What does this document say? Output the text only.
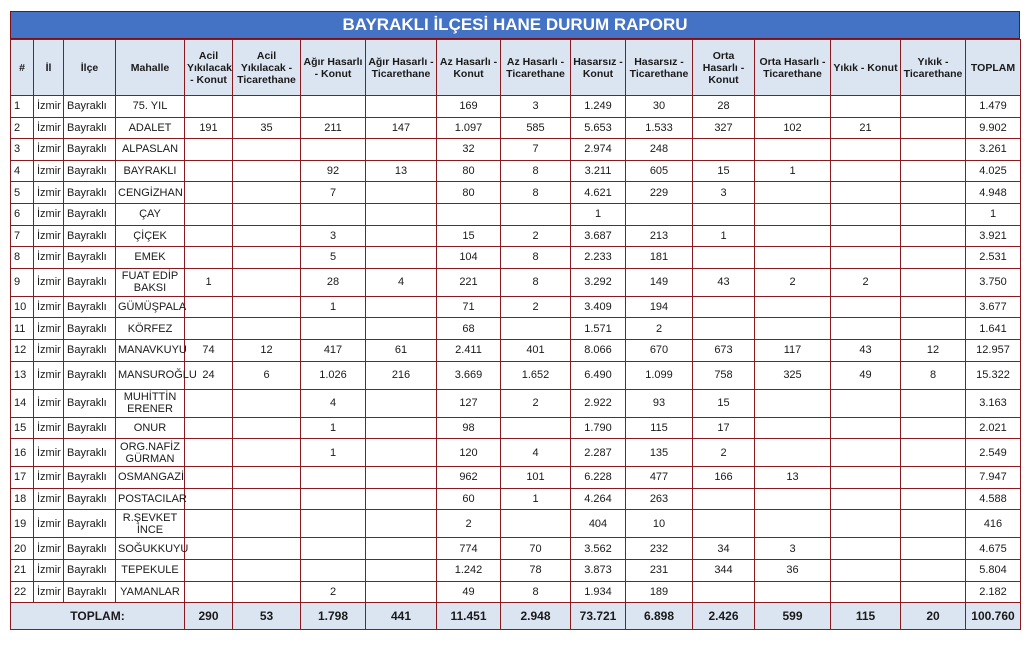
BAYRAKLI İLÇESİ HANE DURUM RAPORU
#	İl	İlçe	Mahalle	Acil Yıkılacak - Konut	Acil Yıkılacak - Ticarethane	Ağır Hasarlı - Konut	Ağır Hasarlı - Ticarethane	Az Hasarlı - Konut	Az Hasarlı - Ticarethane	Hasarsız - Konut	Hasarsız - Ticarethane	Orta Hasarlı - Konut	Orta Hasarlı - Ticarethane	Yıkık - Konut	Yıkık - Ticarethane	TOPLAM
1	İzmir	Bayraklı	75. YIL					169	3	1.249	30	28				1.479
2	İzmir	Bayraklı	ADALET	191	35	211	147	1.097	585	5.653	1.533	327	102	21		9.902
3	İzmir	Bayraklı	ALPASLAN					32	7	2.974	248					3.261
4	İzmir	Bayraklı	BAYRAKLI			92	13	80	8	3.211	605	15	1			4.025
5	İzmir	Bayraklı	CENGİZHAN			7		80	8	4.621	229	3				4.948
6	İzmir	Bayraklı	ÇAY							1						1
7	İzmir	Bayraklı	ÇİÇEK			3		15	2	3.687	213	1				3.921
8	İzmir	Bayraklı	EMEK			5		104	8	2.233	181					2.531
9	İzmir	Bayraklı	FUAT EDİP BAKSI	1		28	4	221	8	3.292	149	43	2	2		3.750
10	İzmir	Bayraklı	GÜMÜŞPALA			1		71	2	3.409	194					3.677
11	İzmir	Bayraklı	KÖRFEZ					68		1.571	2					1.641
12	İzmir	Bayraklı	MANAVKUYU	74	12	417	61	2.411	401	8.066	670	673	117	43	12	12.957
13	İzmir	Bayraklı	MANSUROĞLU	24	6	1.026	216	3.669	1.652	6.490	1.099	758	325	49	8	15.322
14	İzmir	Bayraklı	MUHİTTİN ERENER			4		127	2	2.922	93	15				3.163
15	İzmir	Bayraklı	ONUR			1		98		1.790	115	17				2.021
16	İzmir	Bayraklı	ORG.NAFİZ GÜRMAN			1		120	4	2.287	135	2				2.549
17	İzmir	Bayraklı	OSMANGAZİ					962	101	6.228	477	166	13			7.947
18	İzmir	Bayraklı	POSTACILAR					60	1	4.264	263					4.588
19	İzmir	Bayraklı	R.ŞEVKET İNCE					2		404	10					416
20	İzmir	Bayraklı	SOĞUKKUYU					774	70	3.562	232	34	3			4.675
21	İzmir	Bayraklı	TEPEKULE					1.242	78	3.873	231	344	36			5.804
22	İzmir	Bayraklı	YAMANLAR			2		49	8	1.934	189					2.182
TOPLAM:				290	53	1.798	441	11.451	2.948	73.721	6.898	2.426	599	115	20	100.760
